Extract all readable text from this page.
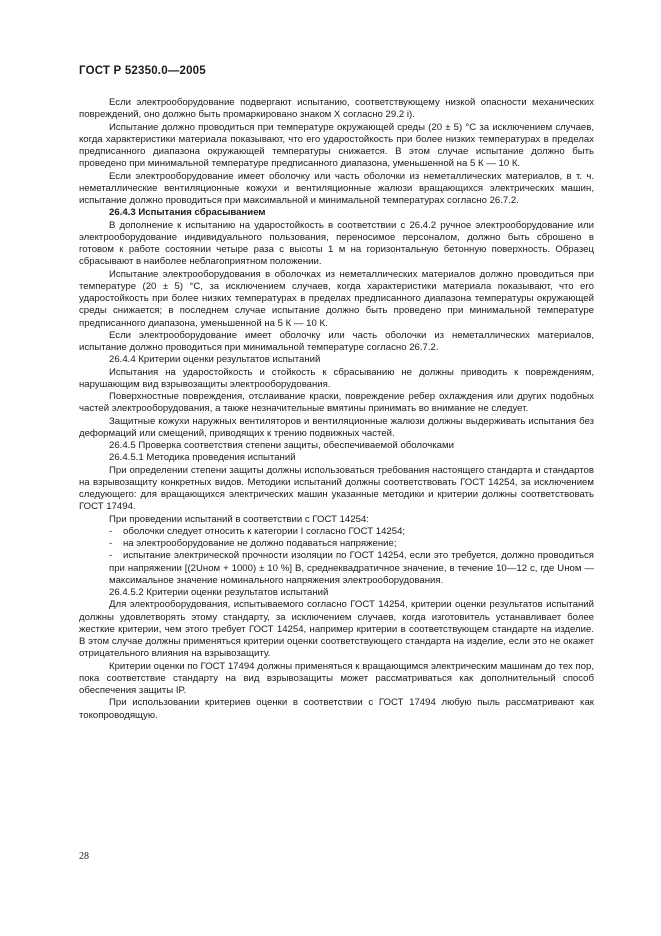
ГОСТ Р 52350.0—2005

Если электрооборудование подвергают испытанию, соответствующему низкой опасности механических повреждений, оно должно быть промаркировано знаком X согласно 29.2 i).

Испытание должно проводиться при температуре окружающей среды (20 ± 5) °С за исключением случаев, когда характеристики материала показывают, что его ударостойкость при более низких температурах в пределах предписанного диапазона окружающей температуры снижается. В этом случае испытание должно быть проведено при минимальной температуре предписанного диапазона, уменьшенной на 5 К — 10 К.

Если электрооборудование имеет оболочку или часть оболочки из неметаллических материалов, в т. ч. неметаллические вентиляционные кожухи и вентиляционные жалюзи вращающихся электрических машин, испытание должно проводиться при максимальной и минимальной температурах согласно 26.7.2.

26.4.3 Испытания сбрасыванием

В дополнение к испытанию на ударостойкость в соответствии с 26.4.2 ручное электрооборудование или электрооборудование индивидуального пользования, переносимое персоналом, должно быть сброшено в готовом к работе состоянии четыре раза с высоты 1 м на горизонтальную бетонную поверхность. Образец сбрасывают в наиболее неблагоприятном положении.

Испытание электрооборудования в оболочках из неметаллических материалов должно проводиться при температуре (20 ± 5) °С, за исключением случаев, когда характеристики материала показывают, что его ударостойкость при более низких температурах в пределах предписанного диапазона температуры окружающей среды снижается; в последнем случае испытание должно быть проведено при минимальной температуре предписанного диапазона, уменьшенной на 5 К — 10 К.

Если электрооборудование имеет оболочку или часть оболочки из неметаллических материалов, испытание должно проводиться при минимальной температуре согласно 26.7.2.

26.4.4 Критерии оценки результатов испытаний

Испытания на ударостойкость и стойкость к сбрасыванию не должны приводить к повреждениям, нарушающим вид взрывозащиты электрооборудования.

Поверхностные повреждения, отслаивание краски, повреждение ребер охлаждения или других подобных частей электрооборудования, а также незначительные вмятины принимать во внимание не следует.

Защитные кожухи наружных вентиляторов и вентиляционные жалюзи должны выдерживать испытания без деформаций или смещений, приводящих к трению подвижных частей.

26.4.5 Проверка соответствия степени защиты, обеспечиваемой оболочками
26.4.5.1 Методика проведения испытаний

При определении степени защиты должны использоваться требования настоящего стандарта и стандартов на взрывозащиту конкретных видов. Методики испытаний должны соответствовать ГОСТ 14254, за исключением следующего: для вращающихся электрических машин указанные методики и критерии должны соответствовать ГОСТ 17494.

При проведении испытаний в соответствии с ГОСТ 14254:

- оболочки следует относить к категории I согласно ГОСТ 14254;

- на электрооборудование не должно подаваться напряжение;

- испытание электрической прочности изоляции по ГОСТ 14254, если это требуется, должно проводиться при напряжении [(2Uном + 1000) ± 10 %] В, среднеквадратичное значение, в течение 10—12 с, где Uном — максимальное значение номинального напряжения электрооборудования.

26.4.5.2 Критерии оценки результатов испытаний

Для электрооборудования, испытываемого согласно ГОСТ 14254, критерии оценки результатов испытаний должны удовлетворять этому стандарту, за исключением случаев, когда изготовитель устанавливает более жесткие критерии, чем этого требует ГОСТ 14254, например критерии в соответствующем стандарте на изделие. В этом случае должны применяться критерии оценки соответствующего стандарта на изделие, если это не окажет отрицательного влияния на взрывозащиту.

Критерии оценки по ГОСТ 17494 должны применяться к вращающимся электрическим машинам до тех пор, пока соответствие стандарту на вид взрывозащиты может рассматриваться как дополнительный способ обеспечения защиты IP.

При использовании критериев оценки в соответствии с ГОСТ 17494 любую пыль рассматривают как токопроводящую.

28
